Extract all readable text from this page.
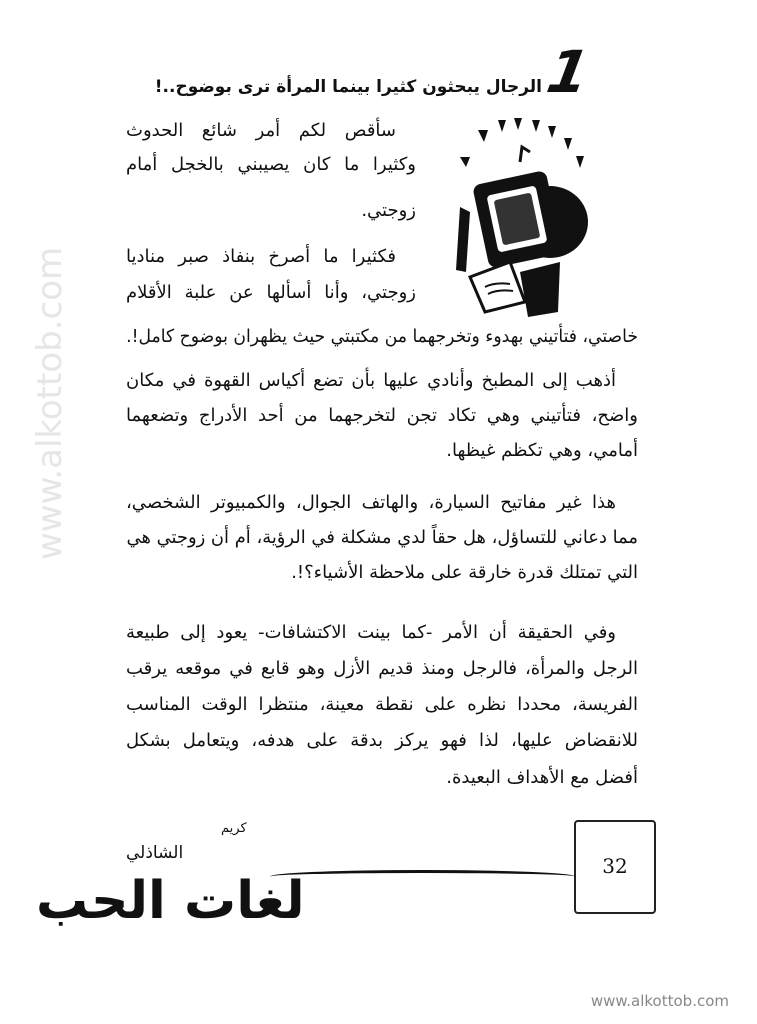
www.alkottob.com
1
الرجال يبحثون كثيرا بينما المرأة ترى بوضوح..!
سأقص لكم أمر شائع الحدوث
وكثيرا ما كان يصيبني بالخجل أمام
زوجتي.
فكثيرا ما أصرخ بنفاذ صبر مناديا
زوجتي، وأنا أسألها عن علبة الأقلام
خاصتي، فتأتيني بهدوء وتخرجهما من مكتبتي حيث يظهران بوضوح كامل!.
أذهب إلى المطبخ وأنادي عليها بأن تضع أكياس القهوة في مكان
واضح، فتأتيني وهي تكاد تجن لتخرجهما من أحد الأدراج وتضعهما
أمامي، وهي تكظم غيظها.
هذا غير مفاتيح السيارة، والهاتف الجوال، والكمبيوتر الشخصي،
مما دعاني للتساؤل، هل حقاً لدي مشكلة في الرؤية، أم أن زوجتي هي
التي تمتلك قدرة خارقة على ملاحظة الأشياء؟!.
وفي الحقيقة أن الأمر -كما بينت الاكتشافات- يعود إلى طبيعة
الرجل والمرأة، فالرجل ومنذ قديم الأزل وهو قابع في موقعه يرقب
الفريسة، محددا نظره على نقطة معينة، منتظرا الوقت المناسب
للانقضاض عليها، لذا فهو يركز بدقة على هدفه، ويتعامل بشكل
أفضل مع الأهداف البعيدة.
كريم
الشاذلي
لغات الحب
32
www.alkottob.com
